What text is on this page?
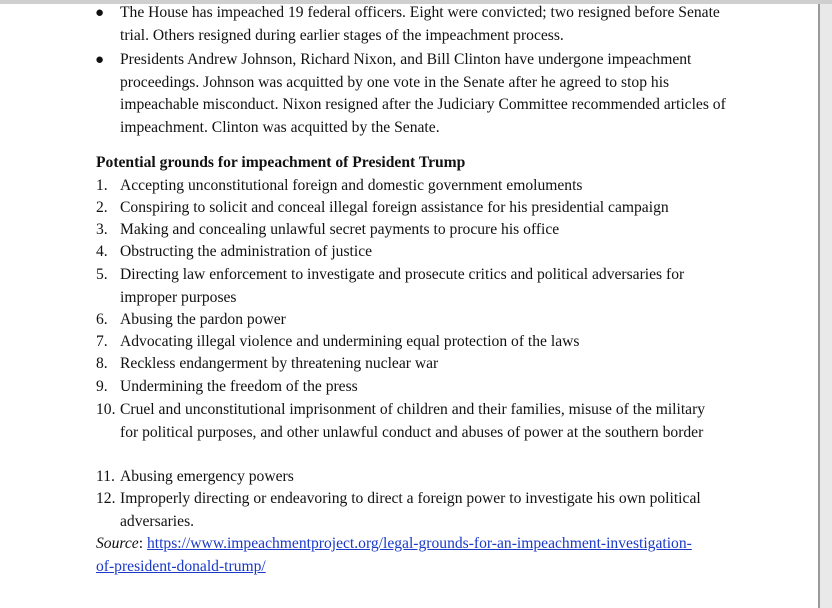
● The House has impeached 19 federal officers. Eight were convicted; two resigned before Senate trial. Others resigned during earlier stages of the impeachment process.
● Presidents Andrew Johnson, Richard Nixon, and Bill Clinton have undergone impeachment proceedings. Johnson was acquitted by one vote in the Senate after he agreed to stop his impeachable misconduct. Nixon resigned after the Judiciary Committee recommended articles of impeachment. Clinton was acquitted by the Senate.
Potential grounds for impeachment of President Trump
1. Accepting unconstitutional foreign and domestic government emoluments
2. Conspiring to solicit and conceal illegal foreign assistance for his presidential campaign
3. Making and concealing unlawful secret payments to procure his office
4. Obstructing the administration of justice
5. Directing law enforcement to investigate and prosecute critics and political adversaries for improper purposes
6. Abusing the pardon power
7. Advocating illegal violence and undermining equal protection of the laws
8. Reckless endangerment by threatening nuclear war
9. Undermining the freedom of the press
10. Cruel and unconstitutional imprisonment of children and their families, misuse of the military for political purposes, and other unlawful conduct and abuses of power at the southern border
11. Abusing emergency powers
12. Improperly directing or endeavoring to direct a foreign power to investigate his own political adversaries.
Source: https://www.impeachmentproject.org/legal-grounds-for-an-impeachment-investigation-of-president-donald-trump/
